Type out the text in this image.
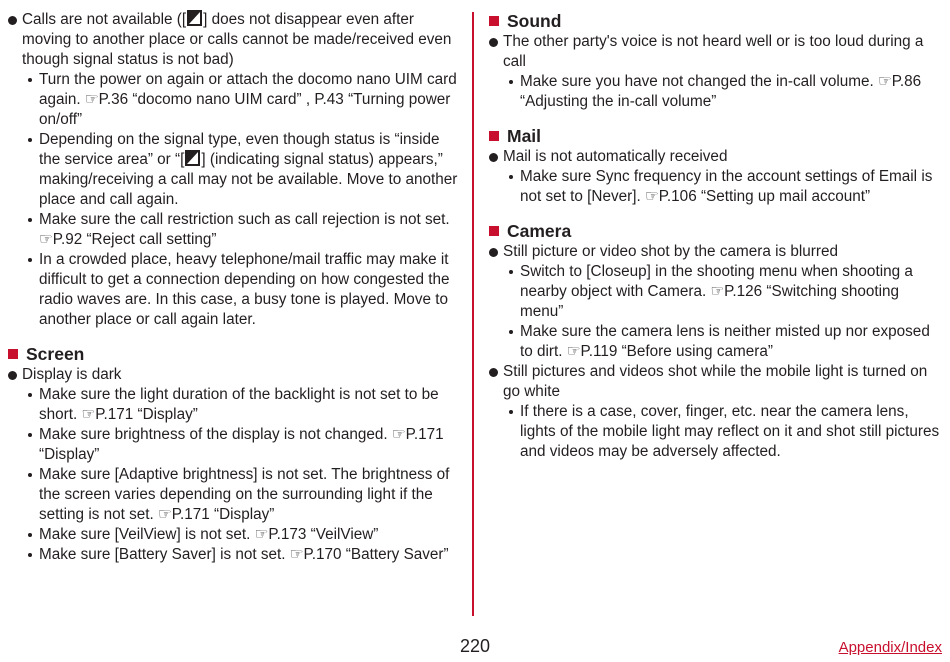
Calls are not available ([ ] does not disappear even after moving to another place or calls cannot be made/received even though signal status is not bad)
Turn the power on again or attach the docomo nano UIM card again. ☞P.36 “docomo nano UIM card” , P.43 “Turning power on/off”
Depending on the signal type, even though status is “inside the service area” or “[ ] (indicating signal status) appears,” making/receiving a call may not be available. Move to another place and call again.
Make sure the call restriction such as call rejection is not set. ☞P.92 “Reject call setting”
In a crowded place, heavy telephone/mail traffic may make it difficult to get a connection depending on how congested the radio waves are. In this case, a busy tone is played. Move to another place or call again later.
Screen
Display is dark
Make sure the light duration of the backlight is not set to be short. ☞P.171 “Display”
Make sure brightness of the display is not changed. ☞P.171 “Display”
Make sure [Adaptive brightness] is not set. The brightness of the screen varies depending on the surrounding light if the setting is not set. ☞P.171 “Display”
Make sure [VeilView] is not set. ☞P.173 “VeilView”
Make sure [Battery Saver] is not set. ☞P.170 “Battery Saver”
Sound
The other party's voice is not heard well or is too loud during a call
Make sure you have not changed the in-call volume. ☞P.86 “Adjusting the in-call volume”
Mail
Mail is not automatically received
Make sure Sync frequency in the account settings of Email is not set to [Never]. ☞P.106 “Setting up mail account”
Camera
Still picture or video shot by the camera is blurred
Switch to [Closeup] in the shooting menu when shooting a nearby object with Camera. ☞P.126 “Switching shooting menu”
Make sure the camera lens is neither misted up nor exposed to dirt. ☞P.119 “Before using camera”
Still pictures and videos shot while the mobile light is turned on go white
If there is a case, cover, finger, etc. near the camera lens, lights of the mobile light may reflect on it and shot still pictures and videos may be adversely affected.
220	Appendix/Index
